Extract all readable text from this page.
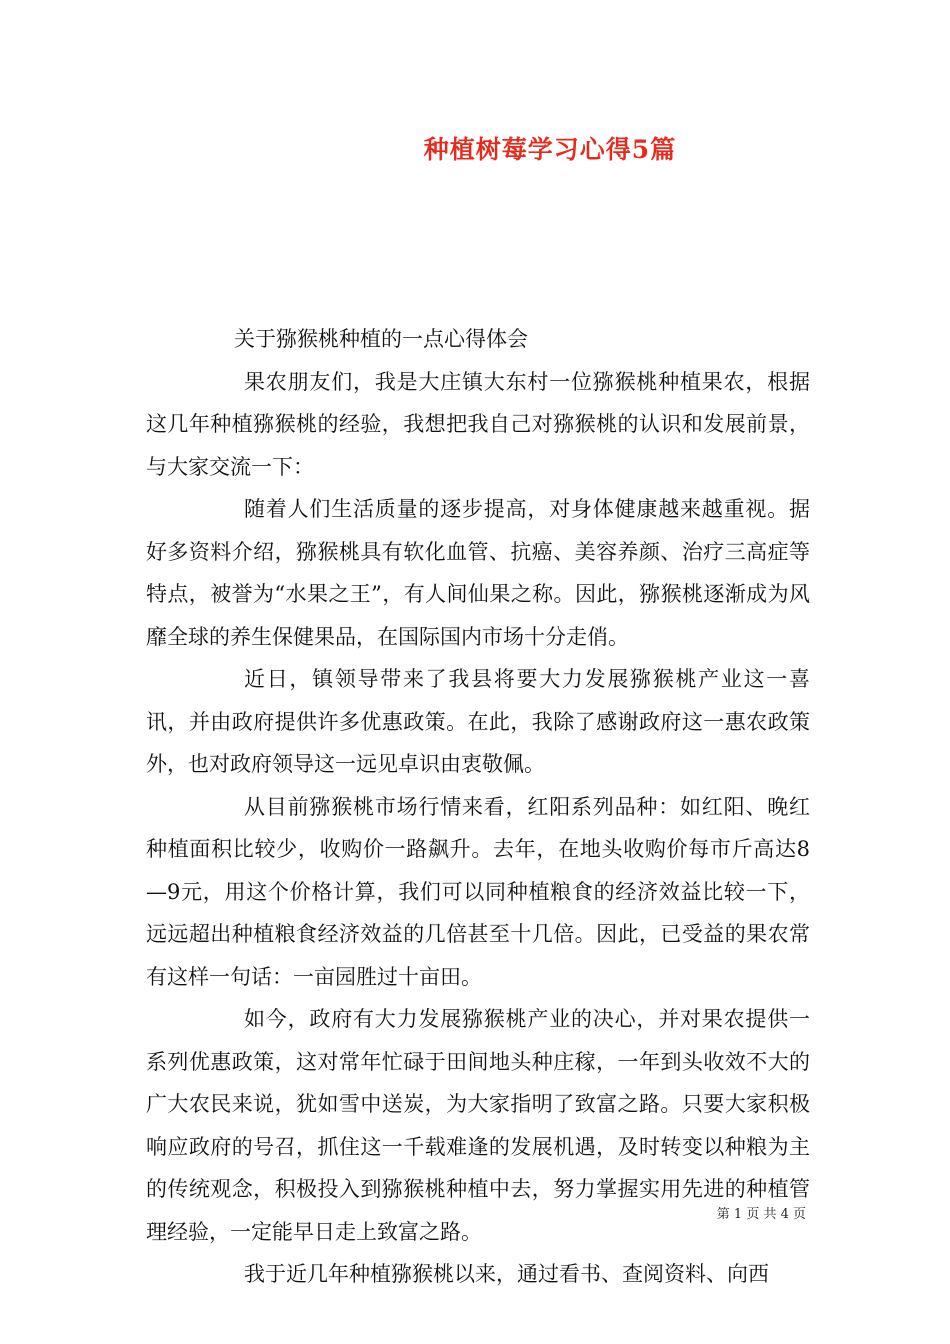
种植树莓学习心得5篇

关于猕猴桃种植的一点心得体会

果农朋友们，我是大庄镇大东村一位猕猴桃种植果农，根据这几年种植猕猴桃的经验，我想把我自己对猕猴桃的认识和发展前景，与大家交流一下：

随着人们生活质量的逐步提高，对身体健康越来越重视。据好多资料介绍，猕猴桃具有软化血管、抗癌、美容养颜、治疗三高症等特点，被誉为“水果之王”，有人间仙果之称。因此，猕猴桃逐渐成为风靡全球的养生保健果品，在国际国内市场十分走俏。

近日，镇领导带来了我县将要大力发展猕猴桃产业这一喜讯，并由政府提供许多优惠政策。在此，我除了感谢政府这一惠农政策外，也对政府领导这一远见卓识由衷敬佩。

从目前猕猴桃市场行情来看，红阳系列品种：如红阳、晚红种植面积比较少，收购价一路飙升。去年，在地头收购价每市斤高达8—9元，用这个价格计算，我们可以同种植粮食的经济效益比较一下，远远超出种植粮食经济效益的几倍甚至十几倍。因此，已受益的果农常有这样一句话：一亩园胜过十亩田。

如今，政府有大力发展猕猴桃产业的决心，并对果农提供一系列优惠政策，这对常年忙碌于田间地头种庄稼，一年到头收效不大的广大农民来说，犹如雪中送炭，为大家指明了致富之路。只要大家积极响应政府的号召，抓住这一千载难逢的发展机遇，及时转变以种粮为主的传统观念，积极投入到猕猴桃种植中去，努力掌握实用先进的种植管理经验，一定能早日走上致富之路。

我于近几年种植猕猴桃以来，通过看书、查阅资料、向西

第 1 页 共 4 页
